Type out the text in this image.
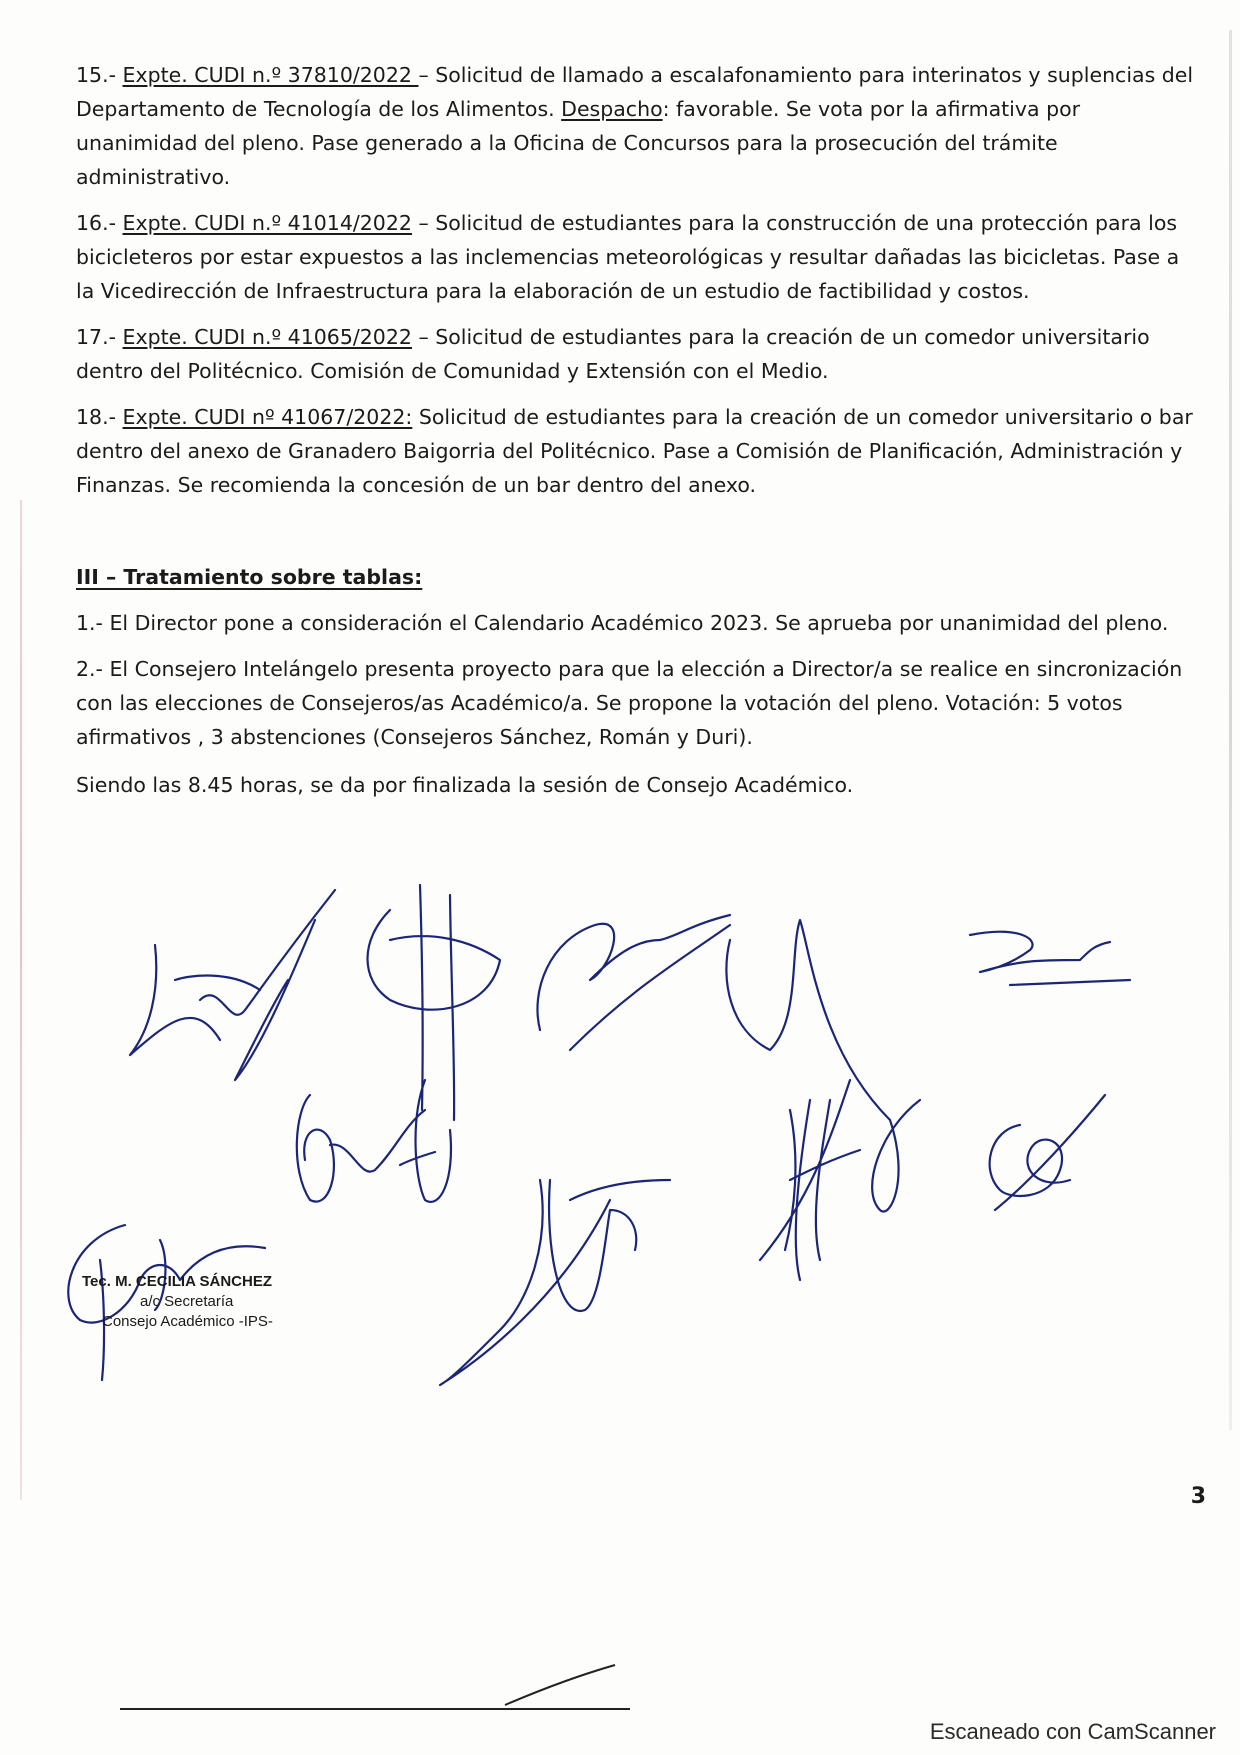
15.- Expte. CUDI n.º 37810/2022 – Solicitud de llamado a escalafonamiento para interinatos y suplencias del Departamento de Tecnología de los Alimentos. Despacho: favorable. Se vota por la afirmativa por unanimidad del pleno. Pase generado a la Oficina de Concursos para la prosecución del trámite administrativo.

16.- Expte. CUDI n.º 41014/2022 – Solicitud de estudiantes para la construcción de una protección para los bicicleteros por estar expuestos a las inclemencias meteorológicas y resultar dañadas las bicicletas. Pase a la Vicedirección de Infraestructura para la elaboración de un estudio de factibilidad y costos.

17.- Expte. CUDI n.º 41065/2022 – Solicitud de estudiantes para la creación de un comedor universitario dentro del Politécnico. Comisión de Comunidad y Extensión con el Medio.

18.- Expte. CUDI nº 41067/2022: Solicitud de estudiantes para la creación de un comedor universitario o bar dentro del anexo de Granadero Baigorria del Politécnico. Pase a Comisión de Planificación, Administración y Finanzas. Se recomienda la concesión de un bar dentro del anexo.

III – Tratamiento sobre tablas:

1.- El Director pone a consideración el Calendario Académico 2023. Se aprueba por unanimidad del pleno.

2.- El Consejero Intelángelo presenta proyecto para que la elección a Director/a se realice en sincronización con las elecciones de Consejeros/as Académico/a. Se propone la votación del pleno. Votación: 5 votos afirmativos , 3 abstenciones (Consejeros Sánchez, Román y Duri).

Siendo las 8.45 horas, se da por finalizada la sesión de Consejo Académico.

Tec. M. CECILIA SÁNCHEZ
a/c Secretaría
Consejo Académico -IPS-
3
Escaneado con CamScanner
